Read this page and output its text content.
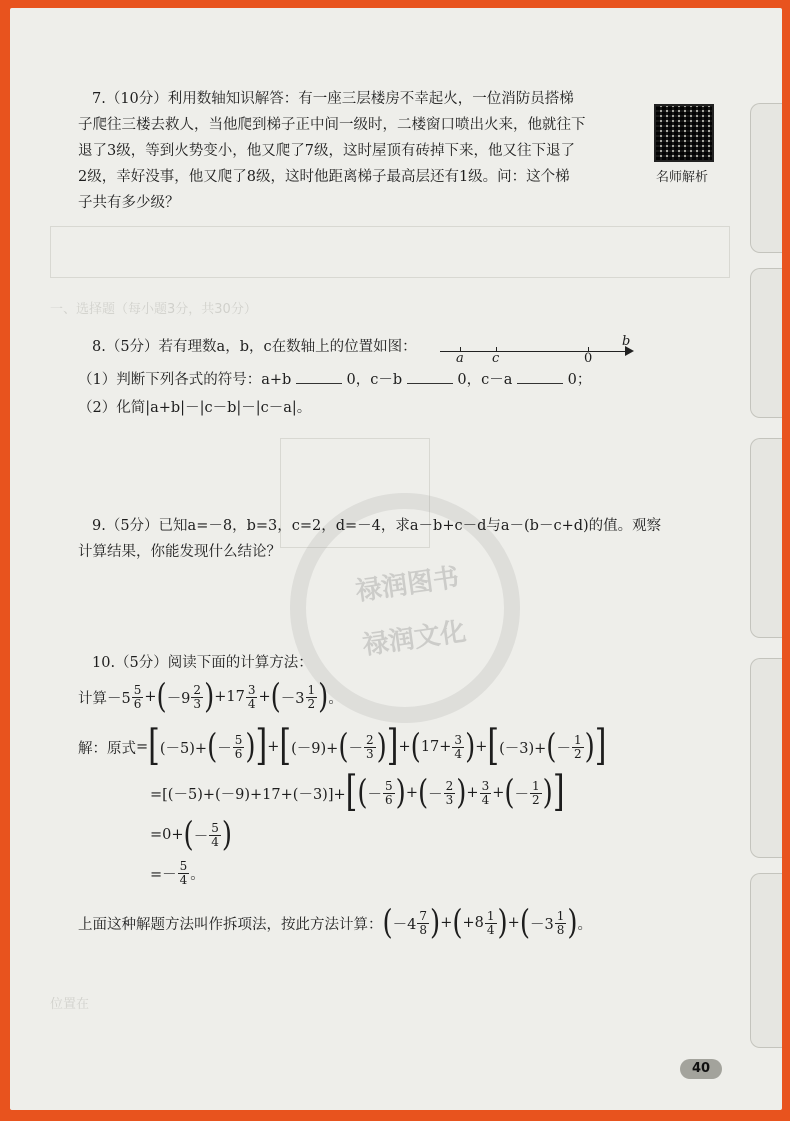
一、选择题（每小题3分，共30分）
禄润图书
禄润文化
7.（10分）利用数轴知识解答：有一座三层楼房不幸起火，一位消防员搭梯
子爬往三楼去救人，当他爬到梯子正中间一级时，二楼窗口喷出火来，他就往下
退了3级，等到火势变小，他又爬了7级，这时屋顶有砖掉下来，他又往下退了
2级，幸好没事，他又爬了8级，这时他距离梯子最高层还有1级。问：这个梯
子共有多少级？
名师解析
8.（5分）若有理数a，b，c在数轴上的位置如图：
a c	0
b
（1）判断下列各式的符号：a+b	0，c－b	0，c－a	0；
（2）化简|a+b|－|c－b|－|c－a|。
9.（5分）已知a=－8，b=3，c=2，d=－4，求a－b+c－d与a－(b－c+d)的值。观察
计算结果，你能发现什么结论？
10.（5分）阅读下面的计算方法：
计算 $-5 \frac{5}{6}$ + ( $-9 \frac{2}{3}$ ) $+17 \frac{3}{4}$ + ( $-3 \frac{1}{2}$ ) 。
解：原式 = [ (－5)+ ( － $\frac{5}{6}$ ) ] + [ (－9)+ ( － $\frac{2}{3}$ ) ] + ( $17+ \frac{3}{4}$ ) + [ (－3)+ ( － $\frac{1}{2}$ ) ]
=[(－5)+(－9)+17+(－3)]+ [ ( － $\frac{5}{6}$ ) + ( － $\frac{2}{3}$ ) + $\frac{3}{4}$ + ( － $\frac{1}{2}$ ) ]
=0+ ( － $\frac{5}{4}$ )
=－ $\frac{5}{4}$ 。
上面这种解题方法叫作拆项法，按此方法计算： ( $-4 \frac{7}{8}$ ) + ( $+8 \frac{1}{4}$ ) + ( $-3 \frac{1}{8}$ ) 。
位置在
40
